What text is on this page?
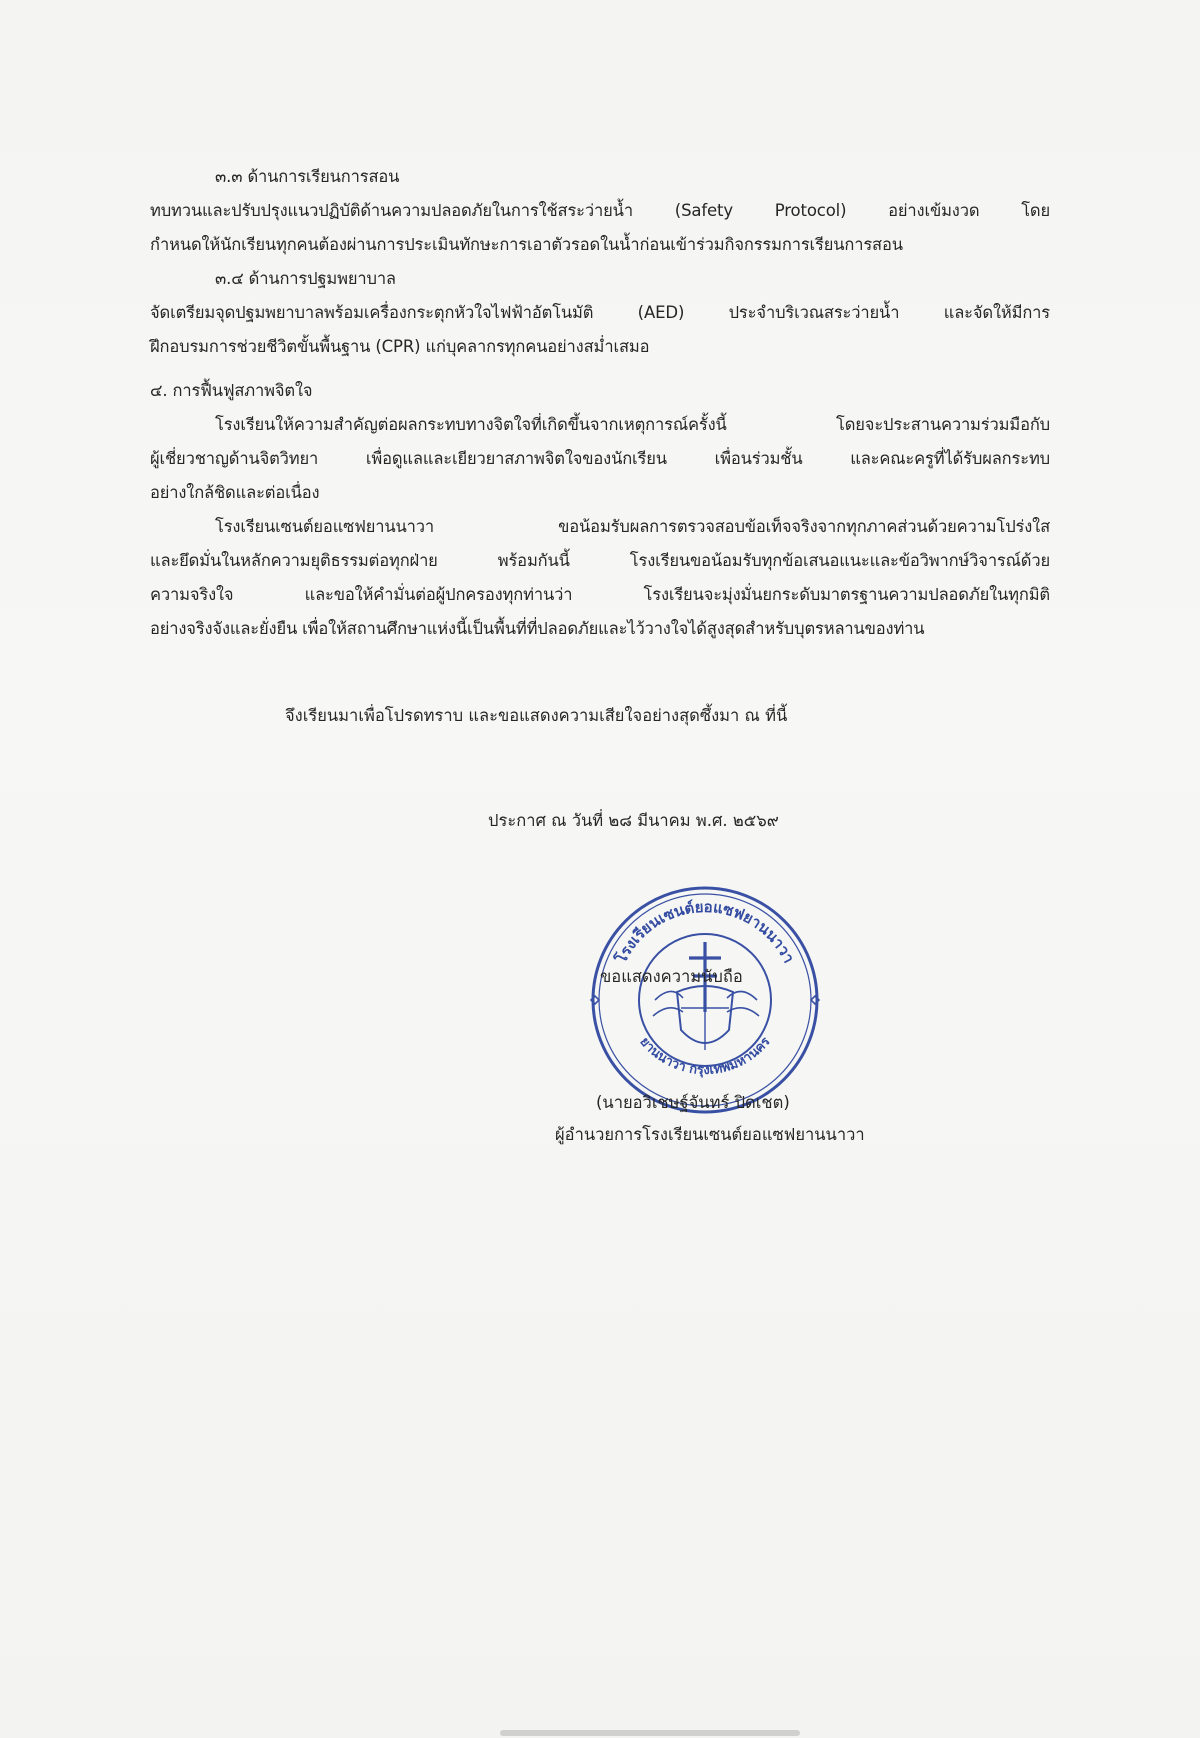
๓.๓ ด้านการเรียนการสอน
ทบทวนและปรับปรุงแนวปฏิบัติด้านความปลอดภัยในการใช้สระว่ายน้ำ (Safety Protocol) อย่างเข้มงวด โดย
กำหนดให้นักเรียนทุกคนต้องผ่านการประเมินทักษะการเอาตัวรอดในน้ำก่อนเข้าร่วมกิจกรรมการเรียนการสอน
๓.๔ ด้านการปฐมพยาบาล
จัดเตรียมจุดปฐมพยาบาลพร้อมเครื่องกระตุกหัวใจไฟฟ้าอัตโนมัติ (AED) ประจำบริเวณสระว่ายน้ำ และจัดให้มีการ
ฝึกอบรมการช่วยชีวิตขั้นพื้นฐาน (CPR) แก่บุคลากรทุกคนอย่างสม่ำเสมอ
๔. การฟื้นฟูสภาพจิตใจ
โรงเรียนให้ความสำคัญต่อผลกระทบทางจิตใจที่เกิดขึ้นจากเหตุการณ์ครั้งนี้ โดยจะประสานความร่วมมือกับ
ผู้เชี่ยวชาญด้านจิตวิทยา เพื่อดูแลและเยียวยาสภาพจิตใจของนักเรียน เพื่อนร่วมชั้น และคณะครูที่ได้รับผลกระทบ
อย่างใกล้ชิดและต่อเนื่อง
โรงเรียนเซนต์ยอแซฟยานนาวา ขอน้อมรับผลการตรวจสอบข้อเท็จจริงจากทุกภาคส่วนด้วยความโปร่งใส
และยึดมั่นในหลักความยุติธรรมต่อทุกฝ่าย พร้อมกันนี้ โรงเรียนขอน้อมรับทุกข้อเสนอแนะและข้อวิพากษ์วิจารณ์ด้วย
ความจริงใจ และขอให้คำมั่นต่อผู้ปกครองทุกท่านว่า โรงเรียนจะมุ่งมั่นยกระดับมาตรฐานความปลอดภัยในทุกมิติ
อย่างจริงจังและยั่งยืน เพื่อให้สถานศึกษาแห่งนี้เป็นพื้นที่ที่ปลอดภัยและไว้วางใจได้สูงสุดสำหรับบุตรหลานของท่าน
จึงเรียนมาเพื่อโปรดทราบ และขอแสดงความเสียใจอย่างสุดซึ้งมา ณ ที่นี้
ประกาศ ณ วันที่ ๒๘ มีนาคม พ.ศ. ๒๕๖๙
โรงเรียนเซนต์ยอแซฟยานนาวา
ยานนาวา กรุงเทพมหานคร
ขอแสดงความนับถือ
(นายอวิเชษฐ์จันทร์ ปิดเชต)
ผู้อำนวยการโรงเรียนเซนต์ยอแซฟยานนาวา
